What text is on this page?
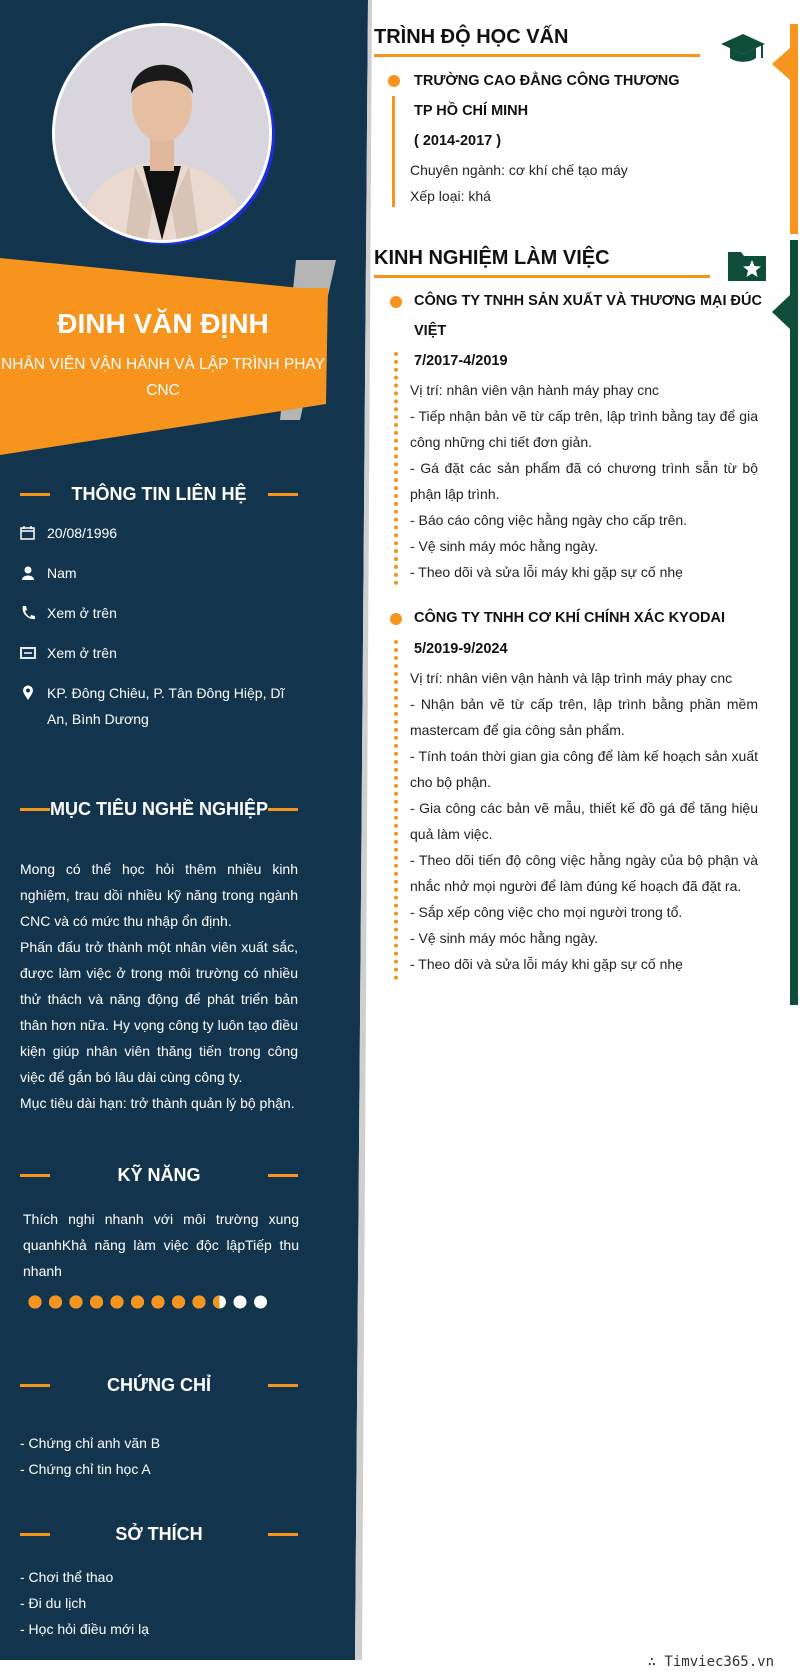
ĐINH VĂN ĐỊNH
NHÂN VIÊN VẬN HÀNH VÀ LẬP TRÌNH PHAY CNC
THÔNG TIN LIÊN HỆ
20/08/1996
Nam
Xem ở trên
Xem ở trên
KP. Đông Chiêu, P. Tân Đông Hiệp, Dĩ An, Bình Dương
MỤC TIÊU NGHỀ NGHIỆP
Mong có thể học hỏi thêm nhiều kinh nghiệm, trau dồi nhiều kỹ năng trong ngành CNC và có mức thu nhập ổn định.
Phấn đấu trở thành một nhân viên xuất sắc, được làm việc ở trong môi trường có nhiều thử thách và năng động để phát triển bản thân hơn nữa. Hy vọng công ty luôn tạo điều kiện giúp nhân viên thăng tiến trong công việc để gắn bó lâu dài cùng công ty.
Mục tiêu dài hạn: trở thành quản lý bộ phận.
KỸ NĂNG
Thích nghi nhanh với môi trường xung quanhKhả năng làm việc độc lậpTiếp thu nhanh
CHỨNG CHỈ
- Chứng chỉ anh văn B
- Chứng chỉ tin học A
SỞ THÍCH
- Chơi thể thao
- Đi du lịch
- Học hỏi điều mới lạ
TRÌNH ĐỘ HỌC VẤN
TRƯỜNG CAO ĐẲNG CÔNG THƯƠNG
TP HỒ CHÍ MINH
( 2014-2017 )
Chuyên ngành: cơ khí chế tạo máy
Xếp loại: khá
KINH NGHIỆM LÀM VIỆC
CÔNG TY TNHH SẢN XUẤT VÀ THƯƠNG MẠI ĐÚC
VIỆT
7/2017-4/2019
Vị trí: nhân viên vận hành máy phay cnc
- Tiếp nhận bản vẽ từ cấp trên, lập trình bằng tay để gia công những chi tiết đơn giản.
- Gá đặt các sản phẩm đã có chương trình sẵn từ bộ phận lập trình.
- Báo cáo công việc hằng ngày cho cấp trên.
- Vệ sinh máy móc hằng ngày.
- Theo dõi và sửa lỗi máy khi gặp sự cố nhẹ
CÔNG TY TNHH CƠ KHÍ CHÍNH XÁC KYODAI
5/2019-9/2024
Vị trí: nhân viên vận hành và lập trình máy phay cnc
- Nhận bản vẽ từ cấp trên, lập trình bằng phần mềm mastercam để gia công sản phẩm.
- Tính toán thời gian gia công để làm kế hoạch sản xuất cho bộ phận.
- Gia công các bản vẽ mẫu, thiết kế đồ gá để tăng hiệu quả làm việc.
- Theo dõi tiến độ công việc hằng ngày của bộ phận và nhắc nhở mọi người để làm đúng kế hoạch đã đặt ra.
- Sắp xếp công việc cho mọi người trong tổ.
- Vệ sinh máy móc hằng ngày.
- Theo dõi và sửa lỗi máy khi gặp sự cố nhẹ
∴ Timviec365.vn
